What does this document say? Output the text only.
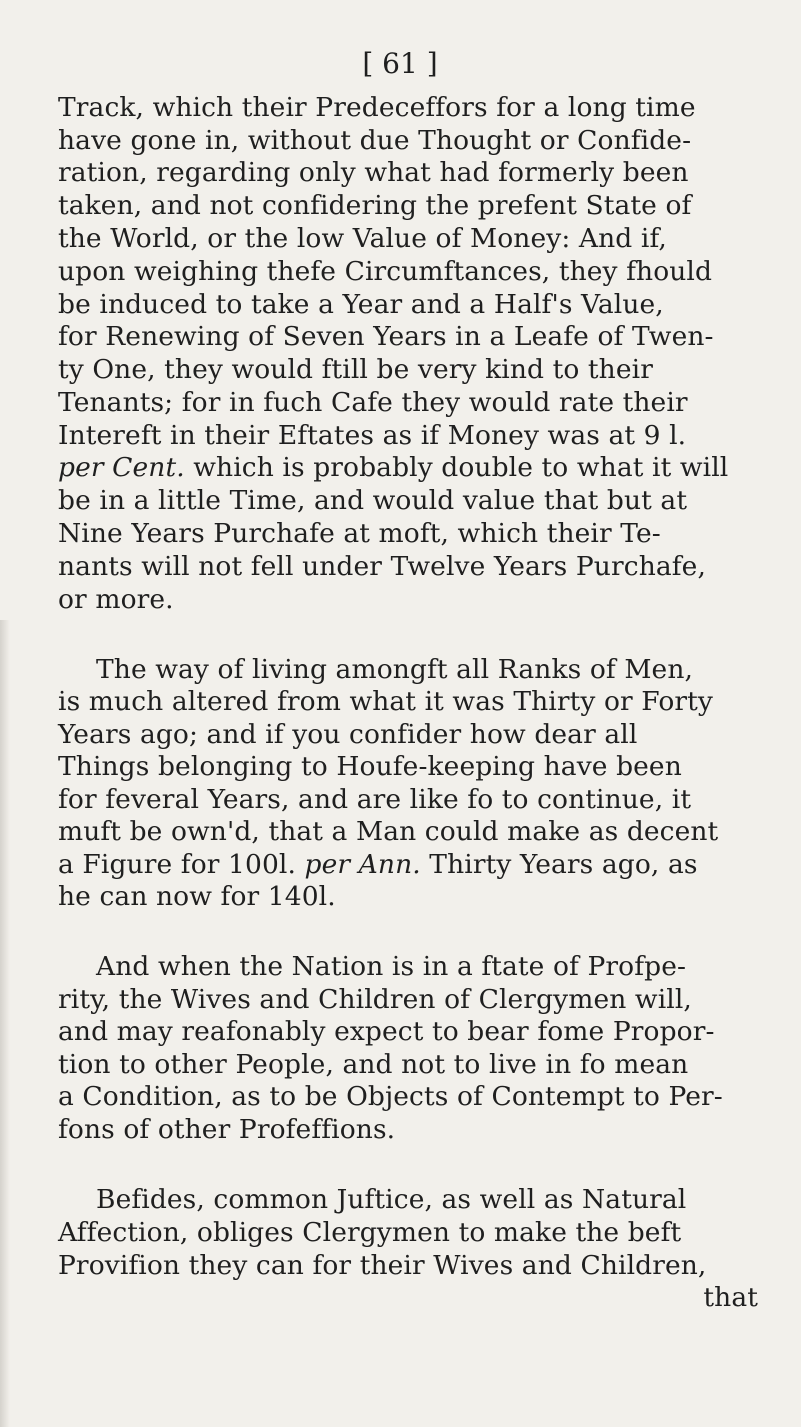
[ 61 ]
Track, which their Predeceffors for a long time
have gone in, without due Thought or Confide-
ration, regarding only what had formerly been
taken, and not confidering the prefent State of
the World, or the low Value of Money: And if,
upon weighing thefe Circumftances, they fhould
be induced to take a Year and a Half's Value,
for Renewing of Seven Years in a Leafe of Twen-
ty One, they would ftill be very kind to their
Tenants; for in fuch Cafe they would rate their
Intereft in their Eftates as if Money was at 9 l.
per Cent. which is probably double to what it will
be in a little Time, and would value that but at
Nine Years Purchafe at moft, which their Te-
nants will not fell under Twelve Years Purchafe,
or more.
The way of living amongft all Ranks of Men,
is much altered from what it was Thirty or Forty
Years ago; and if you confider how dear all
Things belonging to Houfe-keeping have been
for feveral Years, and are like fo to continue, it
muft be own'd, that a Man could make as decent
a Figure for 100l. per Ann. Thirty Years ago, as
he can now for 140l.
And when the Nation is in a ftate of Profpe-
rity, the Wives and Children of Clergymen will,
and may reafonably expect to bear fome Propor-
tion to other People, and not to live in fo mean
a Condition, as to be Objects of Contempt to Per-
fons of other Profeffions.
Befides, common Juftice, as well as Natural
Affection, obliges Clergymen to make the beft
Provifion they can for their Wives and Children,
that
